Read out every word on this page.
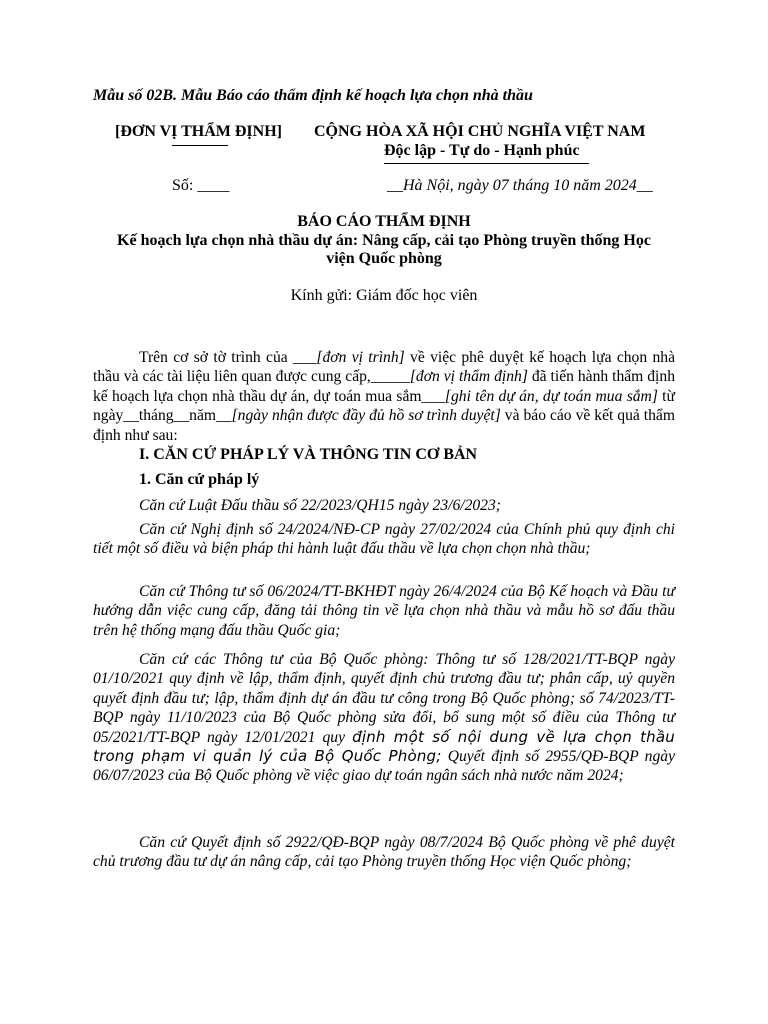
Mẫu số 02B. Mẫu Báo cáo thẩm định kế hoạch lựa chọn nhà thầu
[ĐƠN VỊ THẨM ĐỊNH] CỘNG HÒA XÃ HỘI CHỦ NGHĨA VIỆT NAM
Độc lập - Tự do - Hạnh phúc
Số: ____	__Hà Nội, ngày 07 tháng 10 năm 2024__
BÁO CÁO THẨM ĐỊNH
Kế hoạch lựa chọn nhà thầu dự án: Nâng cấp, cải tạo Phòng truyền thống Học
viện Quốc phòng
Kính gửi: Giám đốc học viên
Trên cơ sở tờ trình của ___[đơn vị trình] về việc phê duyệt kế hoạch lựa chọn nhà thầu và các tài liệu liên quan được cung cấp,_____[đơn vị thẩm định] đã tiến hành thẩm định kế hoạch lựa chọn nhà thầu dự án, dự toán mua sắm___[ghi tên dự án, dự toán mua sắm] từ ngày__tháng__năm__[ngày nhận được đầy đủ hồ sơ trình duyệt] và báo cáo về kết quả thẩm định như sau:
I. CĂN CỨ PHÁP LÝ VÀ THÔNG TIN CƠ BẢN
1. Căn cứ pháp lý
Căn cứ Luật Đấu thầu số 22/2023/QH15 ngày 23/6/2023;
Căn cứ Nghị định số 24/2024/NĐ-CP ngày 27/02/2024 của Chính phủ quy định chi tiết một số điều và biện pháp thi hành luật đấu thầu về lựa chọn chọn nhà thầu;
Căn cứ Thông tư số 06/2024/TT-BKHĐT ngày 26/4/2024 của Bộ Kế hoạch và Đầu tư hướng dẫn việc cung cấp, đăng tải thông tin về lựa chọn nhà thầu và mẫu hồ sơ đấu thầu trên hệ thống mạng đấu thầu Quốc gia;
Căn cứ các Thông tư của Bộ Quốc phòng: Thông tư số 128/2021/TT-BQP ngày 01/10/2021 quy định về lập, thẩm định, quyết định chủ trương đầu tư; phân cấp, uỷ quyền quyết định đầu tư; lập, thẩm định dự án đầu tư công trong Bộ Quốc phòng; số 74/2023/TT-BQP ngày 11/10/2023 của Bộ Quốc phòng sửa đổi, bổ sung một số điều của Thông tư 05/2021/TT-BQP ngày 12/01/2021 quy định một số nội dung về lựa chọn thầu trong phạm vi quản lý của Bộ Quốc Phòng; Quyết định số 2955/QĐ-BQP ngày 06/07/2023 của Bộ Quốc phòng về việc giao dự toán ngân sách nhà nước năm 2024;
Căn cứ Quyết định số 2922/QĐ-BQP ngày 08/7/2024 Bộ Quốc phòng về phê duyệt chủ trương đầu tư dự án nâng cấp, cải tạo Phòng truyền thống Học viện Quốc phòng;
